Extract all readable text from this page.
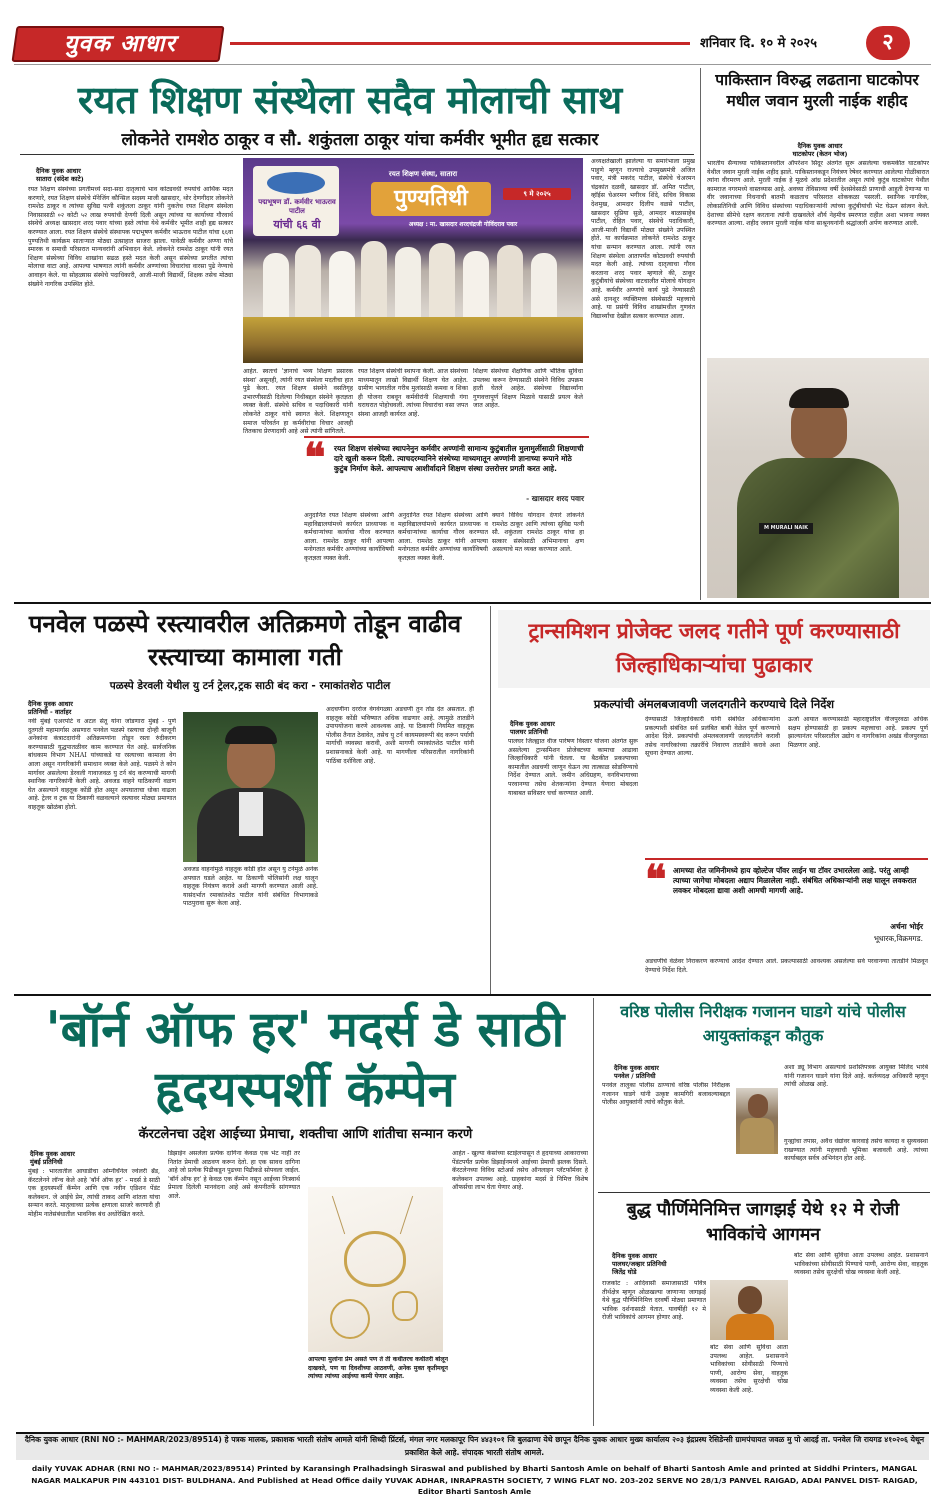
युवक आधार	शनिवार दि. १० मे २०२५	२
रयत शिक्षण संस्थेला सदैव मोलाची साथ
लोकनेते रामशेठ ठाकूर व सौ. शकुंतला ठाकूर यांचा कर्मवीर भूमीत हृद्य सत्कार
दैनिक युवक आधार
सातारा (संदेश काटे)
रयत शिक्षण संस्थेच्या प्रगतीमध्ये सदा-सदा दातृत्वाचे भाव कोट्यवधी रुपयांचे आर्थिक मदत करणारे, रयत शिक्षण संस्थेचे मॅनेजिंग कौन्सिल सदस्य माजी खासदार, थोर देणगीदार लोकनेते रामशेठ ठाकूर व त्यांच्या सुविद्य पत्नी शकुंतला ठाकूर यांनी नुकतेच रयत शिक्षण संस्थेला निवासासाठी ०२ कोटी ५२ लाख रुपयांची देणगी दिली असून त्यांच्या या कार्याच्या गौरवार्थ संस्थेचे अध्यक्ष खासदार शरद पवार यांच्या हस्ते त्यांचा येथे कर्मवीर भूमीत शाही हृद्य सत्कार करण्यात आला. रयत शिक्षण संस्थेचे संस्थापक पद्मभूषण कर्मवीर भाऊराव पाटील यांचा ६६वा पुण्यतिथी कार्यक्रम साताऱ्यात मोठ्या उत्साहात साजरा झाला. यावेळी कर्मवीर अण्णा यांचे स्मारक व समाधी परिसरात मान्यवरांनी अभिवादन केले. लोकनेते रामशेठ ठाकूर यांनी रयत शिक्षण संस्थेच्या विविध शाखांना सढळ हस्ते मदत केली असून संस्थेच्या प्रगतीत त्यांचा मोलाचा वाटा आहे. आपल्या भाषणात त्यांनी कर्मवीर अण्णांच्या विचारांचा वारसा पुढे नेण्याचे आवाहन केले. या सोहळ्यास संस्थेचे पदाधिकारी, आजी-माजी विद्यार्थी, शिक्षक तसेच मोठ्या संख्येने नागरिक उपस्थित होते.
पद्मभूषण डॉ. कर्मवीर भाऊराव पाटील
यांची ६६ वी
रयत शिक्षण संस्था, सातारा
पुण्यतिथी	९ मे २०२५
अध्यक्ष : मा. खासदार शरदचंद्रजी गोविंदराव पवार
आहेत. स्वतःचे 'ज्ञानाचे भव्य शिक्षण प्रसारक संस्था' असूनही, त्यांनी रयत संस्थेला मदतीचा हात पुढे केला. रयत शिक्षण संस्थेने वसतिगृह उभारणीसाठी दिलेल्या निधीबद्दल संस्थेने कृतज्ञता व्यक्त केली. संस्थेचे सचिव व पदाधिकारी यांनी लोकनेते ठाकूर यांचे स्वागत केले. शिक्षणातून समाज परिवर्तन हा कर्मवीरांचा विचार आजही तितकाच प्रेरणादायी आहे असे त्यांनी सांगितले.
रयत शिक्षण संस्थेची स्थापना केली. आज संस्थेच्या माध्यमातून लाखो विद्यार्थी शिक्षण घेत आहेत. ग्रामीण भागातील गरीब मुलांसाठी कमवा व शिका ही योजना राबवून कर्मवीरांनी शिक्षणाची गंगा घराघरात पोहोचवली. त्यांच्या विचारांचा वसा जपत संस्था आजही कार्यरत आहे.
शिक्षण संस्थेच्या शैक्षणिक आणि भौतिक सुविधा उपलब्ध करून देण्यासाठी संस्थेने विविध उपक्रम हाती घेतले आहेत. संस्थेच्या विद्यार्थ्यांना गुणवत्तापूर्ण शिक्षण मिळावे यासाठी प्रयत्न केले जात आहेत.
❝ रयत शिक्षण संस्थेच्या स्थापनेनुन कर्मवीर अण्णांनी सामान्य कुटुंबातील मुलामुलींसाठी शिक्षणाची दारे खुली करून दिली. त्याचदरम्यानिने संस्थेच्या माध्यमातून अण्णांनी ज्ञानाच्या रूपाने मोठे कुटुंब निर्माण केले. आपल्याच आशीर्वादाने शिक्षण संस्था उत्तरोत्तर प्रगती करत आहे.
- खासदार शरद पवार
अनुदानित रयत शिक्षण संस्थेच्या आणि महाविद्यालयांमध्ये कार्यरत प्राध्यापक व कर्मचाऱ्यांच्या कार्याचा गौरव करण्यात आला. रामशेठ ठाकूर यांनी आपल्या मनोगतात कर्मवीर अण्णांच्या कार्याविषयी कृतज्ञता व्यक्त केली.
अनुदानित रयत शिक्षण संस्थेच्या आणि महाविद्यालयांमध्ये कार्यरत प्राध्यापक व कर्मचाऱ्यांच्या कार्याचा गौरव करण्यात आला. रामशेठ ठाकूर यांनी आपल्या मनोगतात कर्मवीर अण्णांच्या कार्याविषयी कृतज्ञता व्यक्त केली.
क्याने विविध योगदान देणारे लोकनेते रामशेठ ठाकूर आणि त्यांच्या सुविद्य पत्नी सौ. शकुंतला रामशेठ ठाकूर यांचा हा सत्कार संस्थेसाठी अभिमानाचा क्षण असल्याचे मत व्यक्त करण्यात आले.
अध्यक्षतेखाली झालेल्या या समारंभाला प्रमुख पाहुणे म्हणून राज्याचे उपमुख्यमंत्री अजित पवार, मंत्री मकरंद पाटील, संस्थेचे चेअरमन चंद्रकांत दळवी, खासदार डॉ. अमित पाटील, व्हॉईस चेअरमन भगीरथ शिंदे, सचिव विकास देशमुख, आमदार दिलीप वळसे पाटील, खासदार सुप्रिया सुळे, आमदार बाळासाहेब पाटील, रोहित पवार, संस्थेचे पदाधिकारी, आजी-माजी विद्यार्थी मोठ्या संख्येने उपस्थित होते. या कार्यक्रमात लोकनेते रामशेठ ठाकूर यांचा सन्मान करण्यात आला. त्यांनी रयत शिक्षण संस्थेला आतापर्यंत कोट्यवधी रुपयांची मदत केली आहे. त्यांच्या दातृत्वाचा गौरव करताना शरद पवार म्हणाले की, ठाकूर कुटुंबीयांचे संस्थेच्या वाटचालीत मोलाचे योगदान आहे. कर्मवीर अण्णांचे कार्य पुढे नेण्यासाठी असे दानशूर व्यक्तिमत्त्व संस्थेसाठी महत्त्वाचे आहे. या प्रसंगी विविध शाखांमधील गुणवंत विद्यार्थ्यांचा देखील सत्कार करण्यात आला.
पाकिस्तान विरुद्ध लढताना घाटकोपर मधील जवान मुरली नाईक शहीद
दैनिक युवक आधार
घाटकोपर (केतन भोज)
भारतीय सैन्याच्या पाकिस्तानवरील ऑपरेशन सिंदूर अंतर्गत सुरू असलेल्या चकमकीत घाटकोपर येथील जवान मुरली नाईक शहीद झाले. पाकिस्तानकडून नियंत्रण रेषेवर करण्यात आलेल्या गोळीबारात त्यांना वीरमरण आले. मुरली नाईक हे मूळचे आंध्र प्रदेशातील असून त्यांचे कुटुंब घाटकोपर येथील कामराज नगरमध्ये वास्तव्यास आहे. अवघ्या तेविसाव्या वर्षी देशसेवेसाठी प्राणाची आहुती देणाऱ्या या वीर जवानाच्या निधनाची बातमी कळताच परिसरात शोककळा पसरली. स्थानिक नागरिक, लोकप्रतिनिधी आणि विविध संस्थांच्या पदाधिकाऱ्यांनी त्यांच्या कुटुंबीयांची भेट घेऊन सांत्वन केले. देशाच्या सीमेचे रक्षण करताना त्यांनी दाखवलेले शौर्य नेहमीच स्मरणात राहील अशा भावना व्यक्त करण्यात आल्या. शहीद जवान मुरली नाईक यांना साश्रूनयनांनी श्रद्धांजली अर्पण करण्यात आली.
M MURALI NAIK
पनवेल पळस्पे रस्त्यावरील अतिक्रमणे तोडून वाढीव रस्त्याच्या कामाला गती
पळस्पे डेरवली येथील यु टर्न ट्रेलर,ट्रक साठी बंद करा - रमाकांतशेठ पाटील
दैनिक युवक आधार
प्रतिनिधी - वार्ताहर
नवी मुंबई एअरपोर्ट व अटल सेतू यांना जोडणारा मुंबई - पुणे दुतगती महामार्गास असणारा पनवेल पळस्पे रस्त्याचा दोन्ही बाजूनी अनेकांना कंत्राटदारांनी अतिक्रमणांना तोडून रस्ता रुंदीकरण करण्यासाठी युद्धपातळीवर काम करण्यात येत आहे. सार्वजनिक बांधकाम विभाग NHAI यांच्याकडे या रस्त्याच्या कामाला वेग आला असून नागरिकांनी समाधान व्यक्त केले आहे. पळस्पे ते कोन मार्गावर असलेल्या डेरवली गावाजवळ यु टर्न बंद करण्याची मागणी स्थानिक नागरिकांनी केली आहे. अवजड वाहने याठिकाणी वळण घेत असल्याने वाहतूक कोंडी होत असून अपघाताचा धोका वाढला आहे. ट्रेलर व ट्रक या ठिकाणी वळवल्याने रस्त्यावर मोठ्या प्रमाणात वाहतूक खोळंबा होतो.
अवजड वाहनांमुळे वाहतूक कोंडी होत असून यु टर्नमुळे अनेक अपघात घडले आहेत. या ठिकाणी पोलिसांनी लक्ष घालून वाहतूक नियंत्रण करावे अशी मागणी करण्यात आली आहे. यासंदर्भात रमाकांतशेठ पाटील यांनी संबंधित विभागाकडे पाठपुरावा सुरू केला आहे.
अदचणींना दररोज वेगवेगळ्या अडचणी तुन तोंड देत असतात. ही वाहतूक कोंडी भविष्यात अधिक वाढणार आहे. त्यामुळे तातडीने उपाययोजना करणे आवश्यक आहे. या ठिकाणी नियमित वाहतूक पोलीस तैनात ठेवावेत, तसेच यु टर्न कायमस्वरूपी बंद करून पर्यायी मार्गाची व्यवस्था करावी, अशी मागणी रमाकांतशेठ पाटील यांनी प्रशासनाकडे केली आहे. या मागणीला परिसरातील नागरिकांनी पाठिंबा दर्शविला आहे.
ट्रान्समिशन प्रोजेक्ट जलद गतीने पूर्ण करण्यासाठी जिल्हाधिकाऱ्यांचा पुढाकार
प्रकल्पांची अंमलबजावणी जलदगतीने करण्याचे दिले निर्देश
दैनिक युवक आधार
पालघर प्रतिनिधी
पालघर जिल्ह्यात वीज पारेषण विस्तार योजना अंतर्गत सुरू असलेल्या ट्रान्समिशन प्रोजेक्टच्या कामाचा आढावा जिल्हाधिकारी यांनी घेतला. या बैठकीत प्रकल्पाच्या कामातील अडचणी जाणून घेऊन त्या तात्काळ सोडविण्याचे निर्देश देण्यात आले. जमीन अधिग्रहण, वनविभागाच्या परवानग्या तसेच शेतकऱ्यांना देण्यात येणारा मोबदला याबाबत सविस्तर चर्चा करण्यात आली.
देण्यासाठी जिल्हाधिकारी यांनी संबंधित अधिकाऱ्यांना प्रकल्पाशी संबंधित सर्व प्रलंबित बाबी वेळेत पूर्ण करण्याचे आदेश दिले. प्रकल्पांची अंमलबजावणी जलदगतीने करावी तसेच नागरिकांच्या तक्रारींचे निवारण तातडीने करावे अशा सूचना देण्यात आल्या.
ऊर्जा आयात करण्यासाठी महाराष्ट्रातील वीजपुरवठा अधिक सक्षम होण्यासाठी हा प्रकल्प महत्त्वाचा आहे. प्रकल्प पूर्ण झाल्यानंतर परिसरातील उद्योग व नागरिकांना अखंड वीजपुरवठा मिळणार आहे.
❝ आमच्या शेत जमिनीमध्ये हाय व्होल्टेज पॉवर लाईन चा टॉवर उभारलेला आहे. परंतु आम्ही त्याच्या जागेचा मोबदला अद्याप मिळालेला नाही. संबंधित अधिकाऱ्यांनी लक्ष घालून लवकरात लवकर मोबदला द्यावा अशी आमची मागणी आहे.
अर्चना भोईर
भूधारक,विक्रमगड.
अडचणींचे वेळेवर निराकरण करण्याचे आदेश देण्यात आले. प्रकल्पासाठी आवश्यक असलेल्या सर्व परवानग्या तातडीने मिळवून देण्याचे निर्देश दिले.
'बॉर्न ऑफ हर' मदर्स डे साठी हृदयस्पर्शी कॅम्पेन
कॅरटलेनचा उद्देश आईच्या प्रेमाचा, शक्तीचा आणि शांतीचा सन्मान करणे
दैनिक युवक आधार
मुंबई प्रतिनिधी
मुंबई : भारतातील आघाडीचा ओम्नीचॅनेल ज्वेलरी ब्रँड, कॅरटलेनने लॉन्च केले आहे 'बॉर्न ऑफ हर' - मदर्स डे साठी एक हृदयस्पर्शी कॅम्पेन आणि एक नवीन एडिशन पेंडंट कलेक्शन. जे आईचे प्रेम, त्यांची ताकद आणि शांतता यांचा सन्मान करते. मातृत्वाच्या प्रत्येक क्षणाला साजरे करणारी ही मोहीम नातेसंबंधातील भावनिक बंध अधोरेखित करते.
डिझाईन असलेला प्रत्येक दागिना केवळ एक भेट नाही तर नितांत प्रेमाची आठवण करून देतो. हा एक सावध दागिना आहे जो प्रत्येक पिढीकडून पुढच्या पिढीकडे सोपवला जाईल. 'बॉर्न ऑफ हर' हे केवळ एक कॅम्पेन नसून आईच्या निःस्वार्थ प्रेमाला दिलेली मानवंदना आहे असे कंपनीतर्फे सांगण्यात आले.
आपल्या मुलांना प्रेम असते पण ते ती कधीतरच कधीतरी बोलून दाखवते, पण या दिवशीच्या आठवणी, अनेक मुक्त कृतीमधून त्यांच्या त्यांच्या आईच्या कामी येणार आहेत.
आहेत - खुल्या केसांच्या स्टाईलपासून ते हृदयाच्या आकाराच्या पेंडंटपर्यंत प्रत्येक डिझाईनमध्ये आईच्या प्रेमाची झलक दिसते. कॅरटलेनच्या विविध स्टोअर्स तसेच ऑनलाइन प्लॅटफॉर्मवर हे कलेक्शन उपलब्ध आहे. ग्राहकांना मदर्स डे निमित्त विशेष ऑफर्सचा लाभ घेता येणार आहे.
वरिष्ठ पोलीस निरीक्षक गजानन घाडगे यांचे पोलीस आयुक्तांकडून कौतुक
दैनिक युवक आधार
पनवेल / प्रतिनिधी
पनवेल तालुका पोलीस ठाण्याचे वरिष्ठ पोलीस निरीक्षक गजानन घाडगे यांनी उत्कृष्ट कामगिरी बजावल्याबद्दल पोलीस आयुक्तांनी त्यांचे कौतुक केले.
अशा ड्यू विभाग असल्याचे प्रशस्तिपत्रक आयुक्त मिलिंद भारंबे यांनी गजानन घाडगे यांना दिले आहे. कर्तव्यदक्ष अधिकारी म्हणून त्यांची ओळख आहे.
गुन्ह्यांचा तपास, अवैध धंद्यांवर कारवाई तसेच कायदा व सुव्यवस्था राखण्यात त्यांनी महत्त्वाची भूमिका बजावली आहे. त्यांच्या कार्याबद्दल सर्वत्र अभिनंदन होत आहे.
बुद्ध पौर्णिमेनिमित्त जागझई येथे १२ मे रोजी भाविकांचे आगमन
दैनिक युवक आधार
पालघर/जव्हार प्रतिनिधी
जितेंद्र घोडे
राजकोट : आदिवासी समाजासाठी पवित्र तीर्थक्षेत्र म्हणून ओळखल्या जाणाऱ्या जागझई येथे बुद्ध पौर्णिमेनिमित्त दरवर्षी मोठ्या प्रमाणात भाविक दर्शनासाठी येतात. यावर्षीही १२ मे रोजी भाविकांचे आगमन होणार आहे.
बोट सेवा आणि सुविधा आता उपलब्ध आहेत. प्रशासनाने भाविकांच्या सोयीसाठी पिण्याचे पाणी, आरोग्य सेवा, वाहतूक व्यवस्था तसेच सुरक्षेची चोख व्यवस्था केली आहे.
बोट सेवा आणि सुविधा आता उपलब्ध आहेत. प्रशासनाने भाविकांच्या सोयीसाठी पिण्याचे पाणी, आरोग्य सेवा, वाहतूक व्यवस्था तसेच सुरक्षेची चोख व्यवस्था केली आहे.
दैनिक युवक आधार (RNI NO :- MAHMAR/2023/89514) हे पत्रक मालक, प्रकाशक भारती संतोष आमले यांनी सिध्दी प्रिंटर्स, मंगल नगर मलकापूर पिन ४४३१०१ जि बुलढाणा येथे छापून दैनिक युवक आधार मुख्य कार्यालय २०३ इंद्रप्रस्थ रेसिडेन्सी ग्रामपंचायत जवळ मु पो आदई ता. पनवेल जि रायगड ४१०२०६ येथून प्रकाशित केले आहे. संपादक भारती संतोष आमले.
daily YUVAK ADHAR (RNI NO :- MAHMAR/2023/89514) Printed by Karansingh Pralhadsingh Siraswal and published by Bharti Santosh Amle on behalf of Bharti Santosh Amle and printed at Siddhi Printers, MANGAL NAGAR MALKAPUR PIN 443101 DIST- BULDHANA. And Published at Head Office daily YUVAK ADHAR, INRAPRASTH SOCIETY, 7 WING FLAT NO. 203-202 SERVE NO 28/1/3 PANVEL RAIGAD, ADAI PANVEL DIST- RAIGAD, Editor Bharti Santosh Amle
